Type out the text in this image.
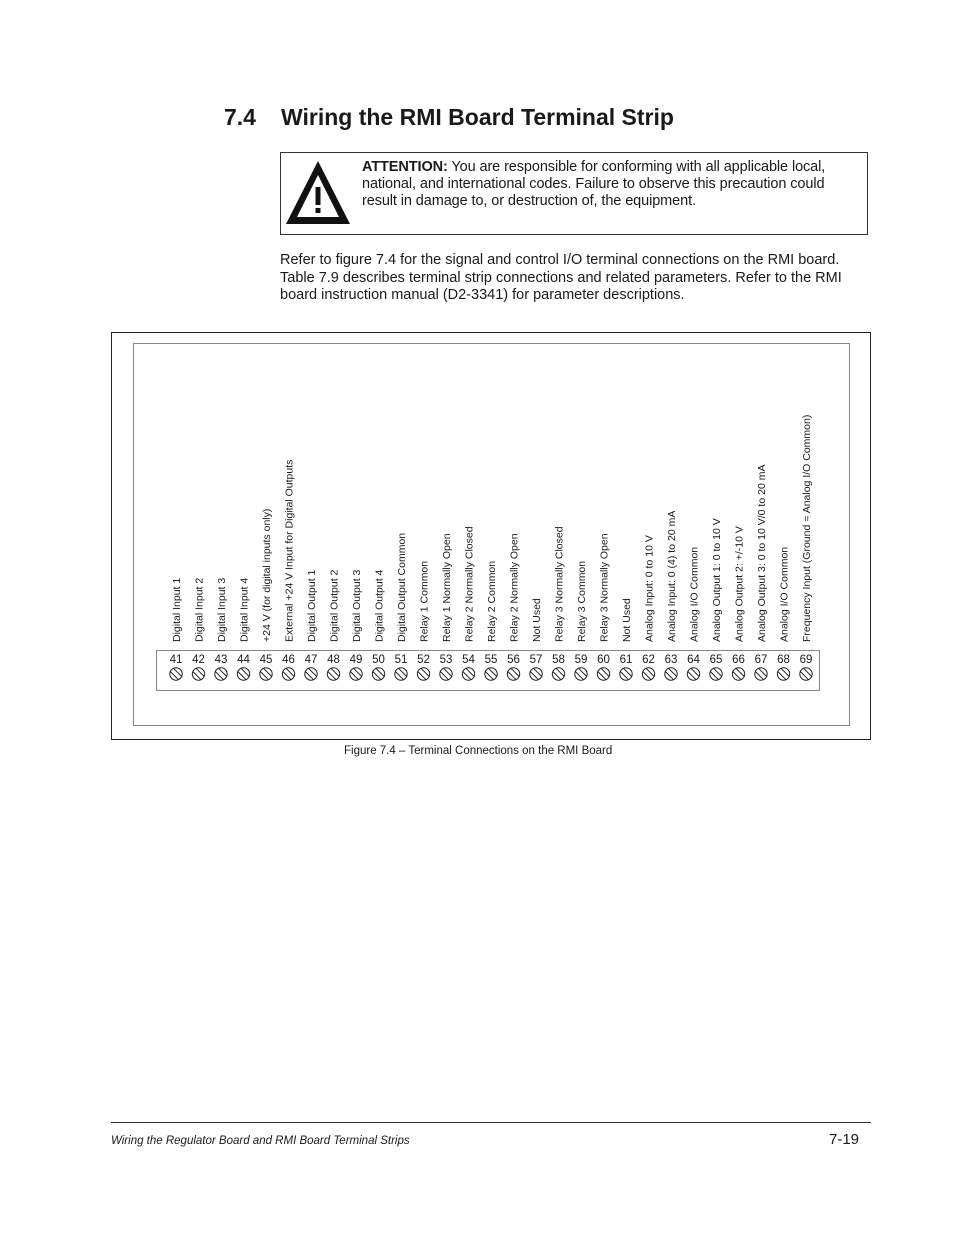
7.4 Wiring the RMI Board Terminal Strip
ATTENTION: You are responsible for conforming with all applicable local, national, and international codes. Failure to observe this precaution could result in damage to, or destruction of, the equipment.
Refer to figure 7.4 for the signal and control I/O terminal connections on the RMI board. Table 7.9 describes terminal strip connections and related parameters. Refer to the RMI board instruction manual (D2-3341) for parameter descriptions.
Digital Input 1
41
Digital Input 2
42
Digital Input 3
43
Digital Input 4
44
+24 V (for digital inputs only)
45
External +24 V Input for Digital Outputs
46
Digital Output 1
47
Digital Output 2
48
Digital Output 3
49
Digital Output 4
50
Digital Output Common
51
Relay 1 Common
52
Relay 1 Normally Open
53
Relay 2 Normally Closed
54
Relay 2 Common
55
Relay 2 Normally Open
56
Not Used
57
Relay 3 Normally Closed
58
Relay 3 Common
59
Relay 3 Normally Open
60
Not Used
61
Analog Input: 0 to 10 V
62
Analog Input: 0 (4) to 20 mA
63
Analog I/O Common
64
Analog Output 1: 0 to 10 V
65
Analog Output 2: +/-10 V
66
Analog Output 3: 0 to 10 V/0 to 20 mA
67
Analog I/O Common
68
Frequency Input (Ground = Analog I/O Common)
69
Figure 7.4 – Terminal Connections on the RMI Board
Wiring the Regulator Board and RMI Board Terminal Strips	7-19
